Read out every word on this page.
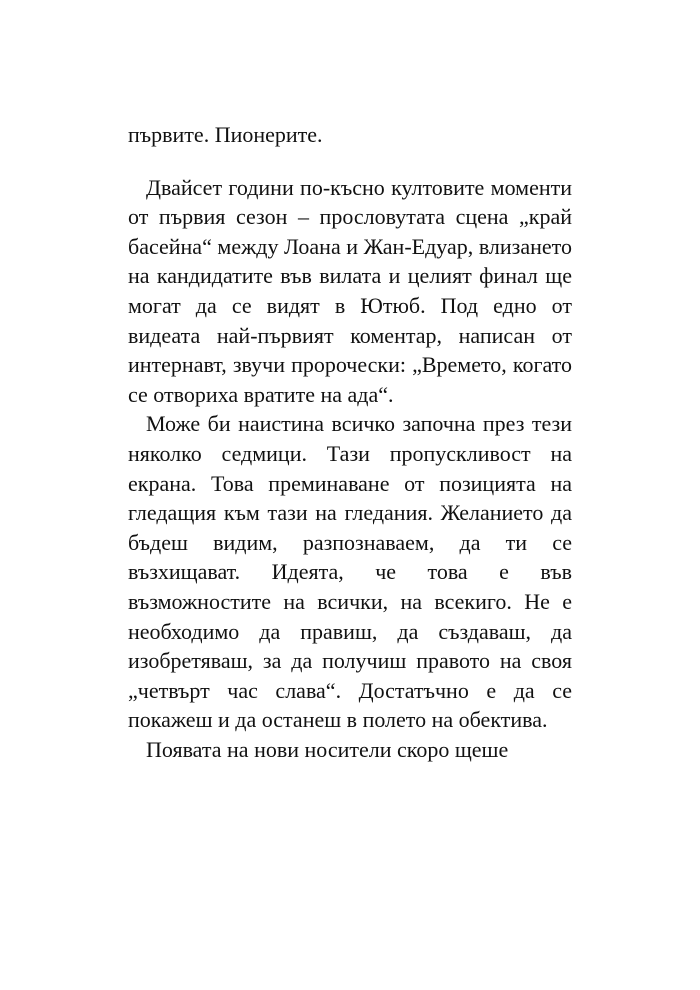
първите. Пионерите.

Двайсет години по-късно култовите моменти от първия сезон – прословутата сцена „край басейна“ между Лоана и Жан-Едуар, влизането на кандидатите във вилата и целият финал ще могат да се видят в Ютюб. Под едно от видеата най-първият коментар, написан от интернавт, звучи пророчески: „Времето, когато се отвориха вратите на ада“.

Може би наистина всичко започна през тези няколко седмици. Тази пропускливост на екрана. Това преминаване от позицията на гледащия към тази на гледания. Желанието да бъдеш видим, разпознаваем, да ти се възхищават. Идеята, че това е във възможностите на всички, на всекиго. Не е необходимо да правиш, да създаваш, да изобретяваш, за да получиш правото на своя „четвърт час слава“. Достатъчно е да се покажеш и да останеш в полето на обектива.

Появата на нови носители скоро щеше
